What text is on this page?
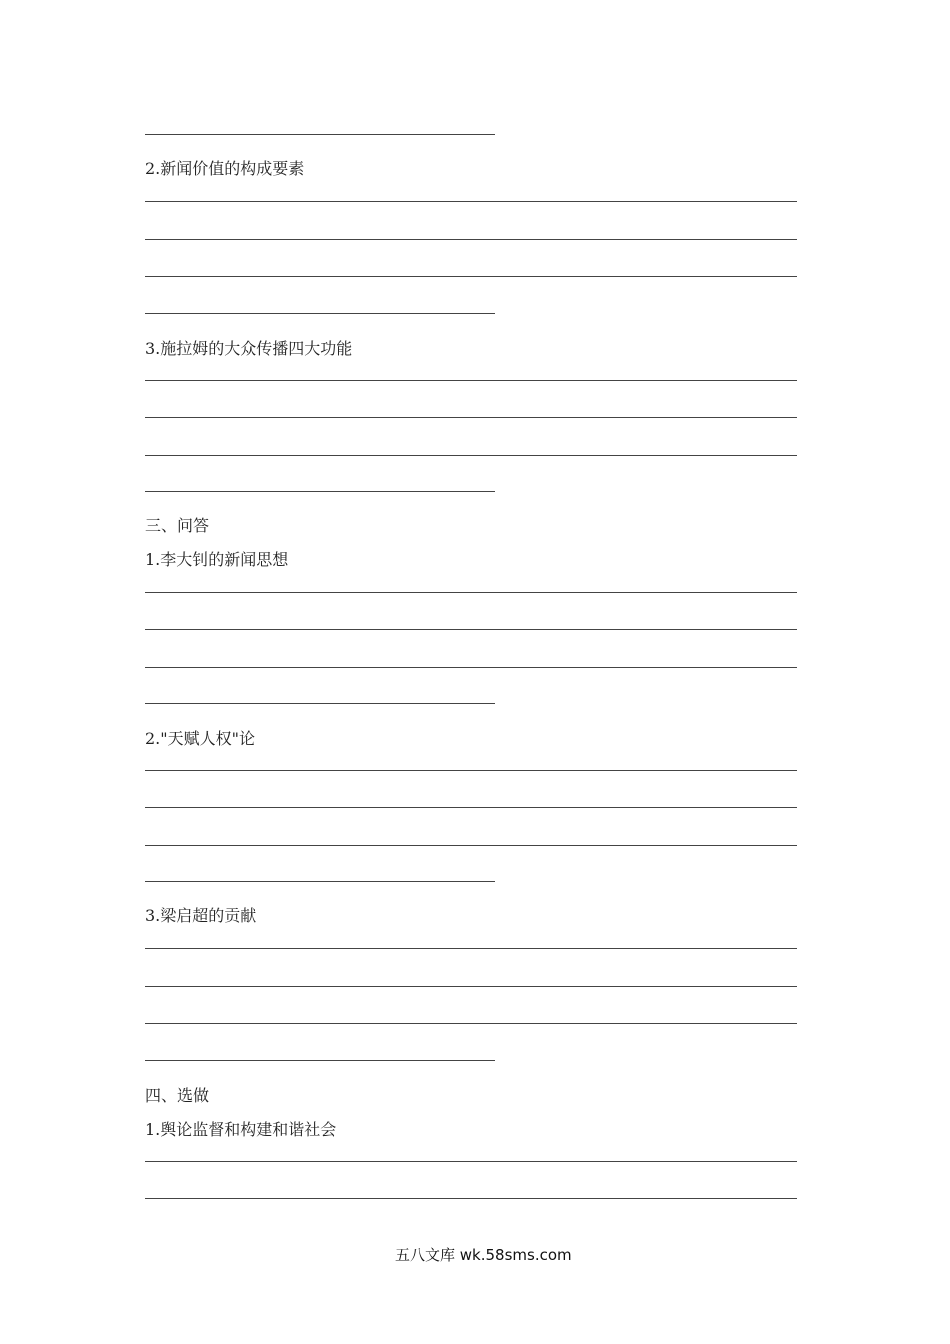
2.新闻价值的构成要素
3.施拉姆的大众传播四大功能
三、问答
1.李大钊的新闻思想
2."天赋人权"论
3.梁启超的贡献
四、选做
1.舆论监督和构建和谐社会
五八文库 wk.58sms.com
